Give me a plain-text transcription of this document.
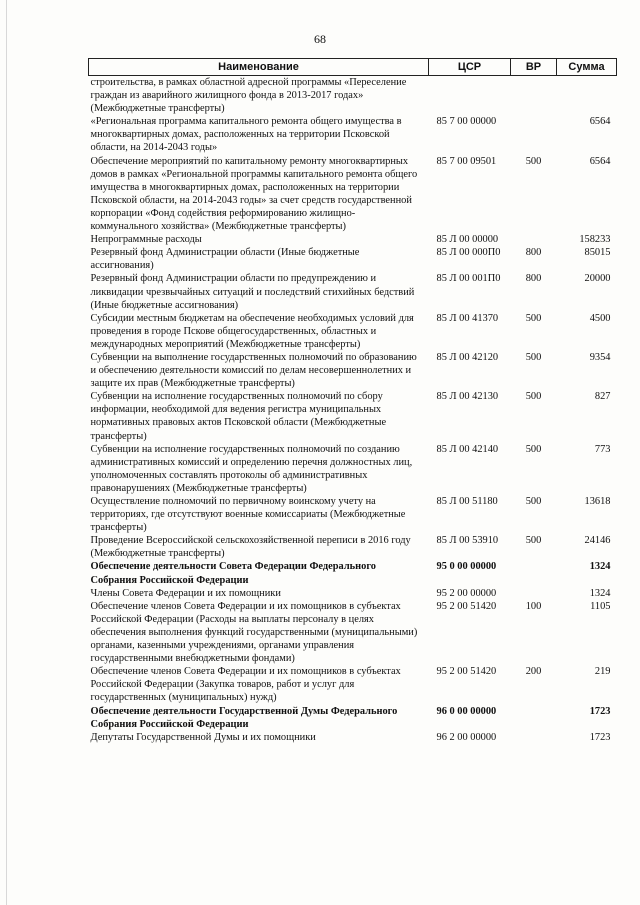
68
Наименование	ЦСР	ВР	Сумма
строительства, в рамках областной адресной программы «Переселение граждан из аварийного жилищного фонда в 2013-2017 годах» (Межбюджетные трансферты)			
«Региональная программа капитального ремонта общего имущества в многоквартирных домах, расположенных на территории Псковской области, на 2014-2043 годы»	85 7 00 00000		6564
Обеспечение мероприятий по капитальному ремонту многоквартирных домов в рамках «Региональной программы капитального ремонта общего имущества в многоквартирных домах, расположенных на территории Псковской области, на 2014-2043 годы» за счет средств государственной корпорации «Фонд содействия реформированию жилищно-коммунального хозяйства» (Межбюджетные трансферты)	85 7 00 09501	500	6564
Непрограммные расходы	85 Л 00 00000		158233
Резервный фонд Администрации области (Иные бюджетные ассигнования)	85 Л 00 000П0	800	85015
Резервный фонд Администрации области по предупреждению и ликвидации чрезвычайных ситуаций и последствий стихийных бедствий (Иные бюджетные ассигнования)	85 Л 00 001П0	800	20000
Субсидии местным бюджетам на обеспечение необходимых условий для проведения в городе Пскове общегосударственных, областных и международных мероприятий (Межбюджетные трансферты)	85 Л 00 41370	500	4500
Субвенции на выполнение государственных полномочий по образованию и обеспечению деятельности комиссий по делам несовершеннолетних и защите их прав (Межбюджетные трансферты)	85 Л 00 42120	500	9354
Субвенции на исполнение государственных полномочий по сбору информации, необходимой для ведения регистра муниципальных нормативных правовых актов Псковской области (Межбюджетные трансферты)	85 Л 00 42130	500	827
Субвенции на исполнение государственных полномочий по созданию административных комиссий и определению перечня должностных лиц, уполномоченных составлять протоколы об административных правонарушениях (Межбюджетные трансферты)	85 Л 00 42140	500	773
Осуществление полномочий по первичному воинскому учету на территориях, где отсутствуют военные комиссариаты (Межбюджетные трансферты)	85 Л 00 51180	500	13618
Проведение Всероссийской сельскохозяйственной переписи в 2016 году (Межбюджетные трансферты)	85 Л 00 53910	500	24146
Обеспечение деятельности Совета Федерации Федерального Собрания Российской Федерации	95 0 00 00000		1324
Члены Совета Федерации и их помощники	95 2 00 00000		1324
Обеспечение членов Совета Федерации и их помощников в субъектах Российской Федерации (Расходы на выплаты персоналу в целях обеспечения выполнения функций государственными (муниципальными) органами, казенными учреждениями, органами управления государственными внебюджетными фондами)	95 2 00 51420	100	1105
Обеспечение членов Совета Федерации и их помощников в субъектах Российской Федерации (Закупка товаров, работ и услуг для государственных (муниципальных) нужд)	95 2 00 51420	200	219
Обеспечение деятельности Государственной Думы Федерального Собрания Российской Федерации	96 0 00 00000		1723
Депутаты Государственной Думы и их помощники	96 2 00 00000		1723
